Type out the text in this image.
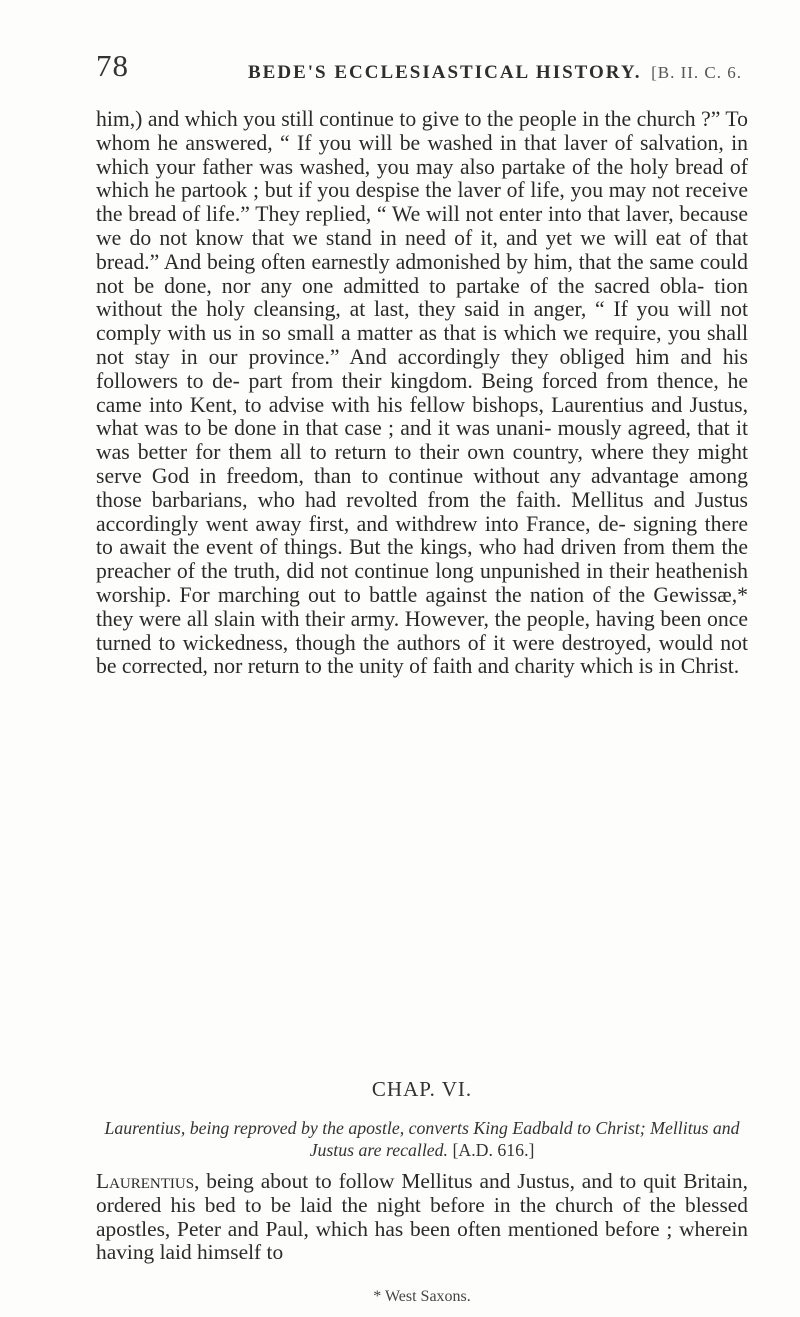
78	BEDE'S ECCLESIASTICAL HISTORY. [B. II. C. 6.

him,) and which you still continue to give to the people in the church ?” To whom he answered, “ If you will be washed in that laver of salvation, in which your father was washed, you may also partake of the holy bread of which he partook ; but if you despise the laver of life, you may not receive the bread of life.” They replied, “ We will not enter into that laver, because we do not know that we stand in need of it, and yet we will eat of that bread.” And being often earnestly admonished by him, that the same could not be done, nor any one admitted to partake of the sacred obla- tion without the holy cleansing, at last, they said in anger, “ If you will not comply with us in so small a matter as that is which we require, you shall not stay in our province.” And accordingly they obliged him and his followers to de- part from their kingdom. Being forced from thence, he came into Kent, to advise with his fellow bishops, Laurentius and Justus, what was to be done in that case ; and it was unani- mously agreed, that it was better for them all to return to their own country, where they might serve God in freedom, than to continue without any advantage among those barbarians, who had revolted from the faith. Mellitus and Justus accordingly went away first, and withdrew into France, de- signing there to await the event of things. But the kings, who had driven from them the preacher of the truth, did not continue long unpunished in their heathenish worship. For marching out to battle against the nation of the Gewissæ,* they were all slain with their army. However, the people, having been once turned to wickedness, though the authors of it were destroyed, would not be corrected, nor return to the unity of faith and charity which is in Christ.

CHAP. VI.
Laurentius, being reproved by the apostle, converts King Eadbald to Christ; Mellitus and Justus are recalled. [A.D. 616.]
Laurentius, being about to follow Mellitus and Justus, and to quit Britain, ordered his bed to be laid the night before in the church of the blessed apostles, Peter and Paul, which has been often mentioned before ; wherein having laid himself to
* West Saxons.
